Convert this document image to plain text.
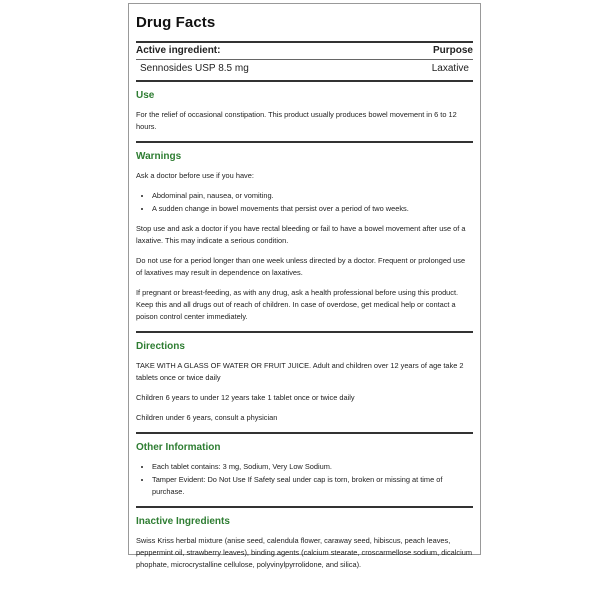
Drug Facts
Active ingredient:	Purpose
Sennosides USP 8.5 mg	Laxative
Use

For the relief of occasional constipation. This product usually produces bowel movement in 6 to 12 hours.

Warnings

Ask a doctor before use if you have:

• Abdominal pain, nausea, or vomiting.
• A sudden change in bowel movements that persist over a period of two weeks.

Stop use and ask a doctor if you have rectal bleeding or fail to have a bowel movement after use of a laxative. This may indicate a serious condition.

Do not use for a period longer than one week unless directed by a doctor. Frequent or prolonged use of laxatives may result in dependence on laxatives.

If pregnant or breast-feeding, as with any drug, ask a health professional before using this product. Keep this and all drugs out of reach of children. In case of overdose, get medical help or contact a poison control center immediately.

Directions

TAKE WITH A GLASS OF WATER OR FRUIT JUICE. Adult and children over 12 years of age take 2 tablets once or twice daily

Children 6 years to under 12 years take 1 tablet once or twice daily

Children under 6 years, consult a physician

Other Information
• Each tablet contains: 3 mg, Sodium, Very Low Sodium.
• Tamper Evident: Do Not Use If Safety seal under cap is torn, broken or missing at time of purchase.
Inactive Ingredients

Swiss Kriss herbal mixture (anise seed, calendula flower, caraway seed, hibiscus, peach leaves, peppermint oil, strawberry leaves), binding agents (calcium stearate, croscarmellose sodium, dicalcium phophate, microcrystalline cellulose, polyvinylpyrrolidone, and silica).
